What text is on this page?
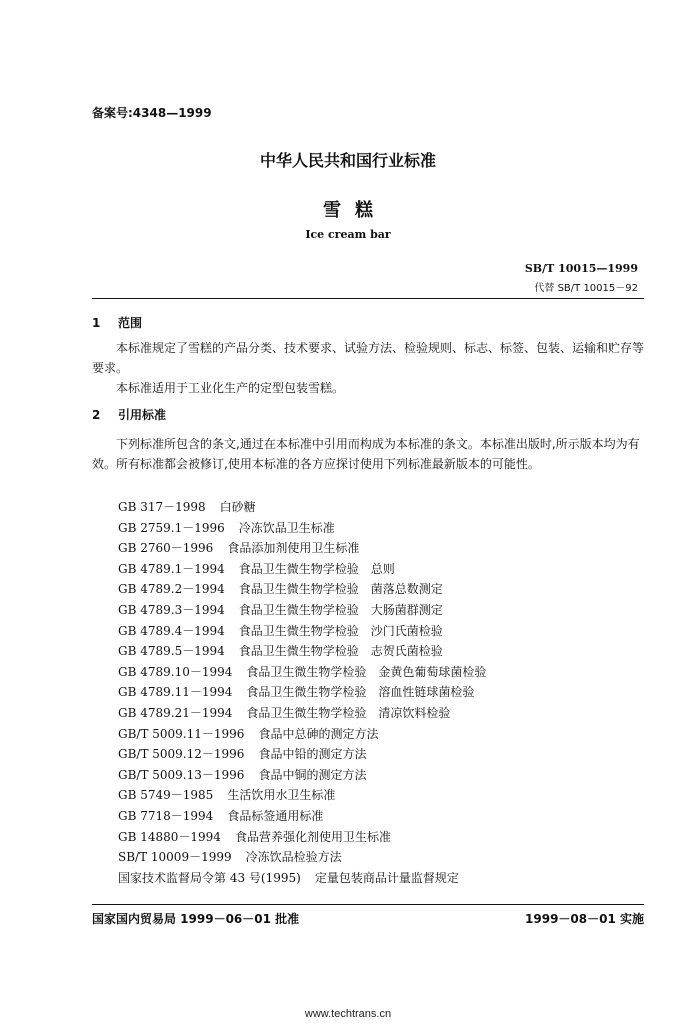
备案号:4348—1999
中华人民共和国行业标准
雪糕
Ice cream bar
SB/T 10015—1999
代替 SB/T 10015－92
1 范围
本标准规定了雪糕的产品分类、技术要求、试验方法、检验规则、标志、标签、包装、运输和贮存等要求。
本标准适用于工业化生产的定型包装雪糕。
2 引用标准
下列标准所包含的条文,通过在本标准中引用而构成为本标准的条文。本标准出版时,所示版本均为有效。所有标准都会被修订,使用本标准的各方应探讨使用下列标准最新版本的可能性。
GB 317－1998 白砂糖
GB 2759.1－1996 冷冻饮品卫生标准
GB 2760－1996 食品添加剂使用卫生标准
GB 4789.1－1994 食品卫生微生物学检验　总则
GB 4789.2－1994 食品卫生微生物学检验　菌落总数测定
GB 4789.3－1994 食品卫生微生物学检验　大肠菌群测定
GB 4789.4－1994 食品卫生微生物学检验　沙门氏菌检验
GB 4789.5－1994 食品卫生微生物学检验　志贺氏菌检验
GB 4789.10－1994 食品卫生微生物学检验　金黄色葡萄球菌检验
GB 4789.11－1994 食品卫生微生物学检验　溶血性链球菌检验
GB 4789.21－1994 食品卫生微生物学检验　清凉饮料检验
GB/T 5009.11－1996 食品中总砷的测定方法
GB/T 5009.12－1996 食品中铅的测定方法
GB/T 5009.13－1996 食品中铜的测定方法
GB 5749－1985 生活饮用水卫生标准
GB 7718－1994 食品标签通用标准
GB 14880－1994 食品营养强化剂使用卫生标准
SB/T 10009－1999 冷冻饮品检验方法
国家技术监督局令第 43 号(1995) 定量包装商品计量监督规定
国家国内贸易局 1999－06－01 批准	1999－08－01 实施
www.techtrans.cn
